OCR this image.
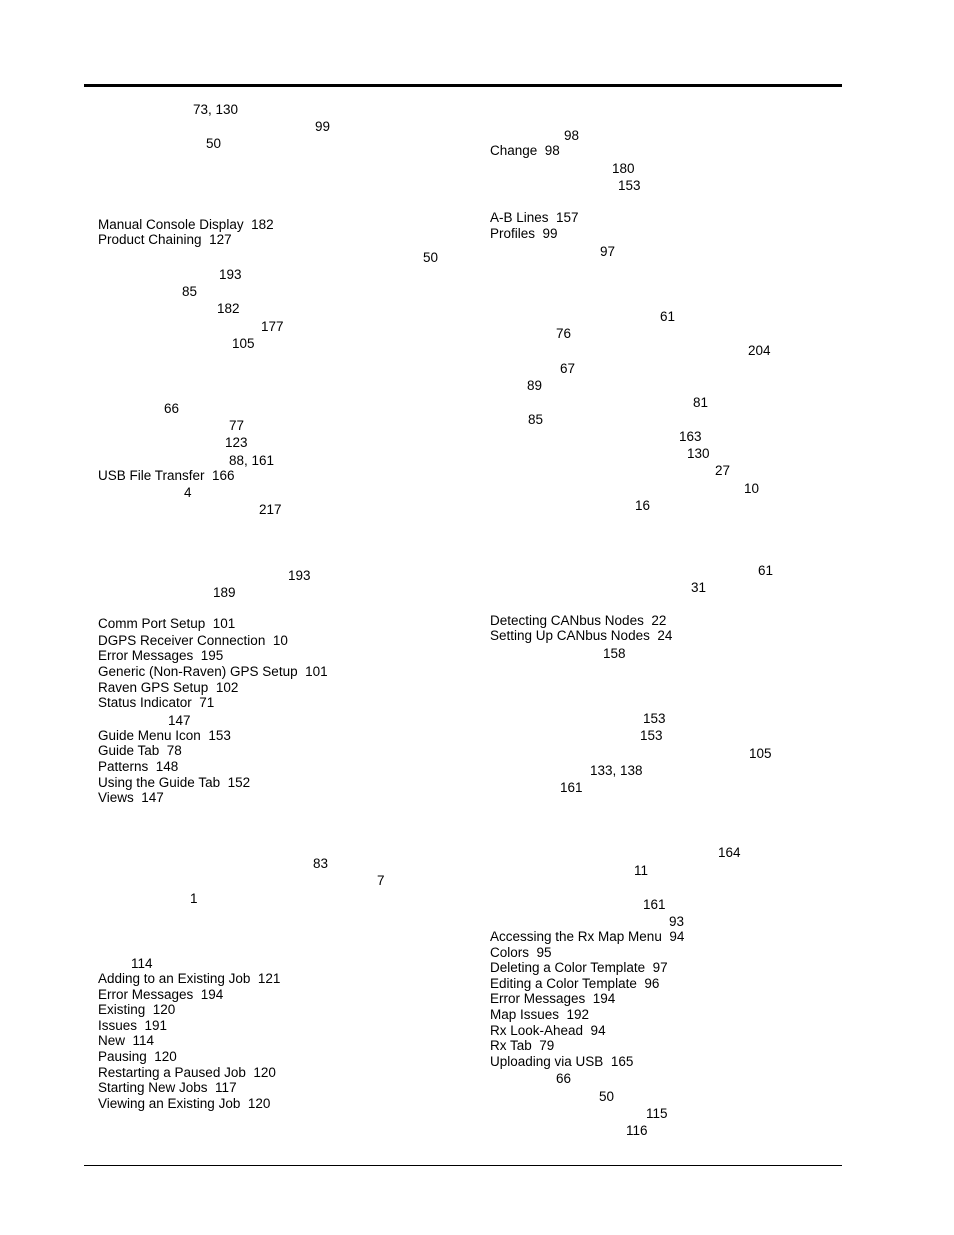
73, 130
99
50
Manual Console Display  182
Product Chaining  127
50
193
85
182
177
105
66
77
123
88, 161
USB File Transfer  166
4
217
193
189
Comm Port Setup  101
DGPS Receiver Connection  10
Error Messages  195
Generic (Non-Raven) GPS Setup  101
Raven GPS Setup  102
Status Indicator  71
147
Guide Menu Icon  153
Guide Tab  78
Patterns  148
Using the Guide Tab  152
Views  147
83
7
1
114
Adding to an Existing Job  121
Error Messages  194
Existing  120
Issues  191
New  114
Pausing  120
Restarting a Paused Job  120
Starting New Jobs  117
Viewing an Existing Job  120
98
Change  98
180
153
A-B Lines  157
Profiles  99
97
61
76
204
67
89
81
85
163
130
27
10
16
61
31
Detecting CANbus Nodes  22
Setting Up CANbus Nodes  24
158
153
153
105
133, 138
161
164
11
161
93
Accessing the Rx Map Menu  94
Colors  95
Deleting a Color Template  97
Editing a Color Template  96
Error Messages  194
Map Issues  192
Rx Look-Ahead  94
Rx Tab  79
Uploading via USB  165
66
50
115
116
